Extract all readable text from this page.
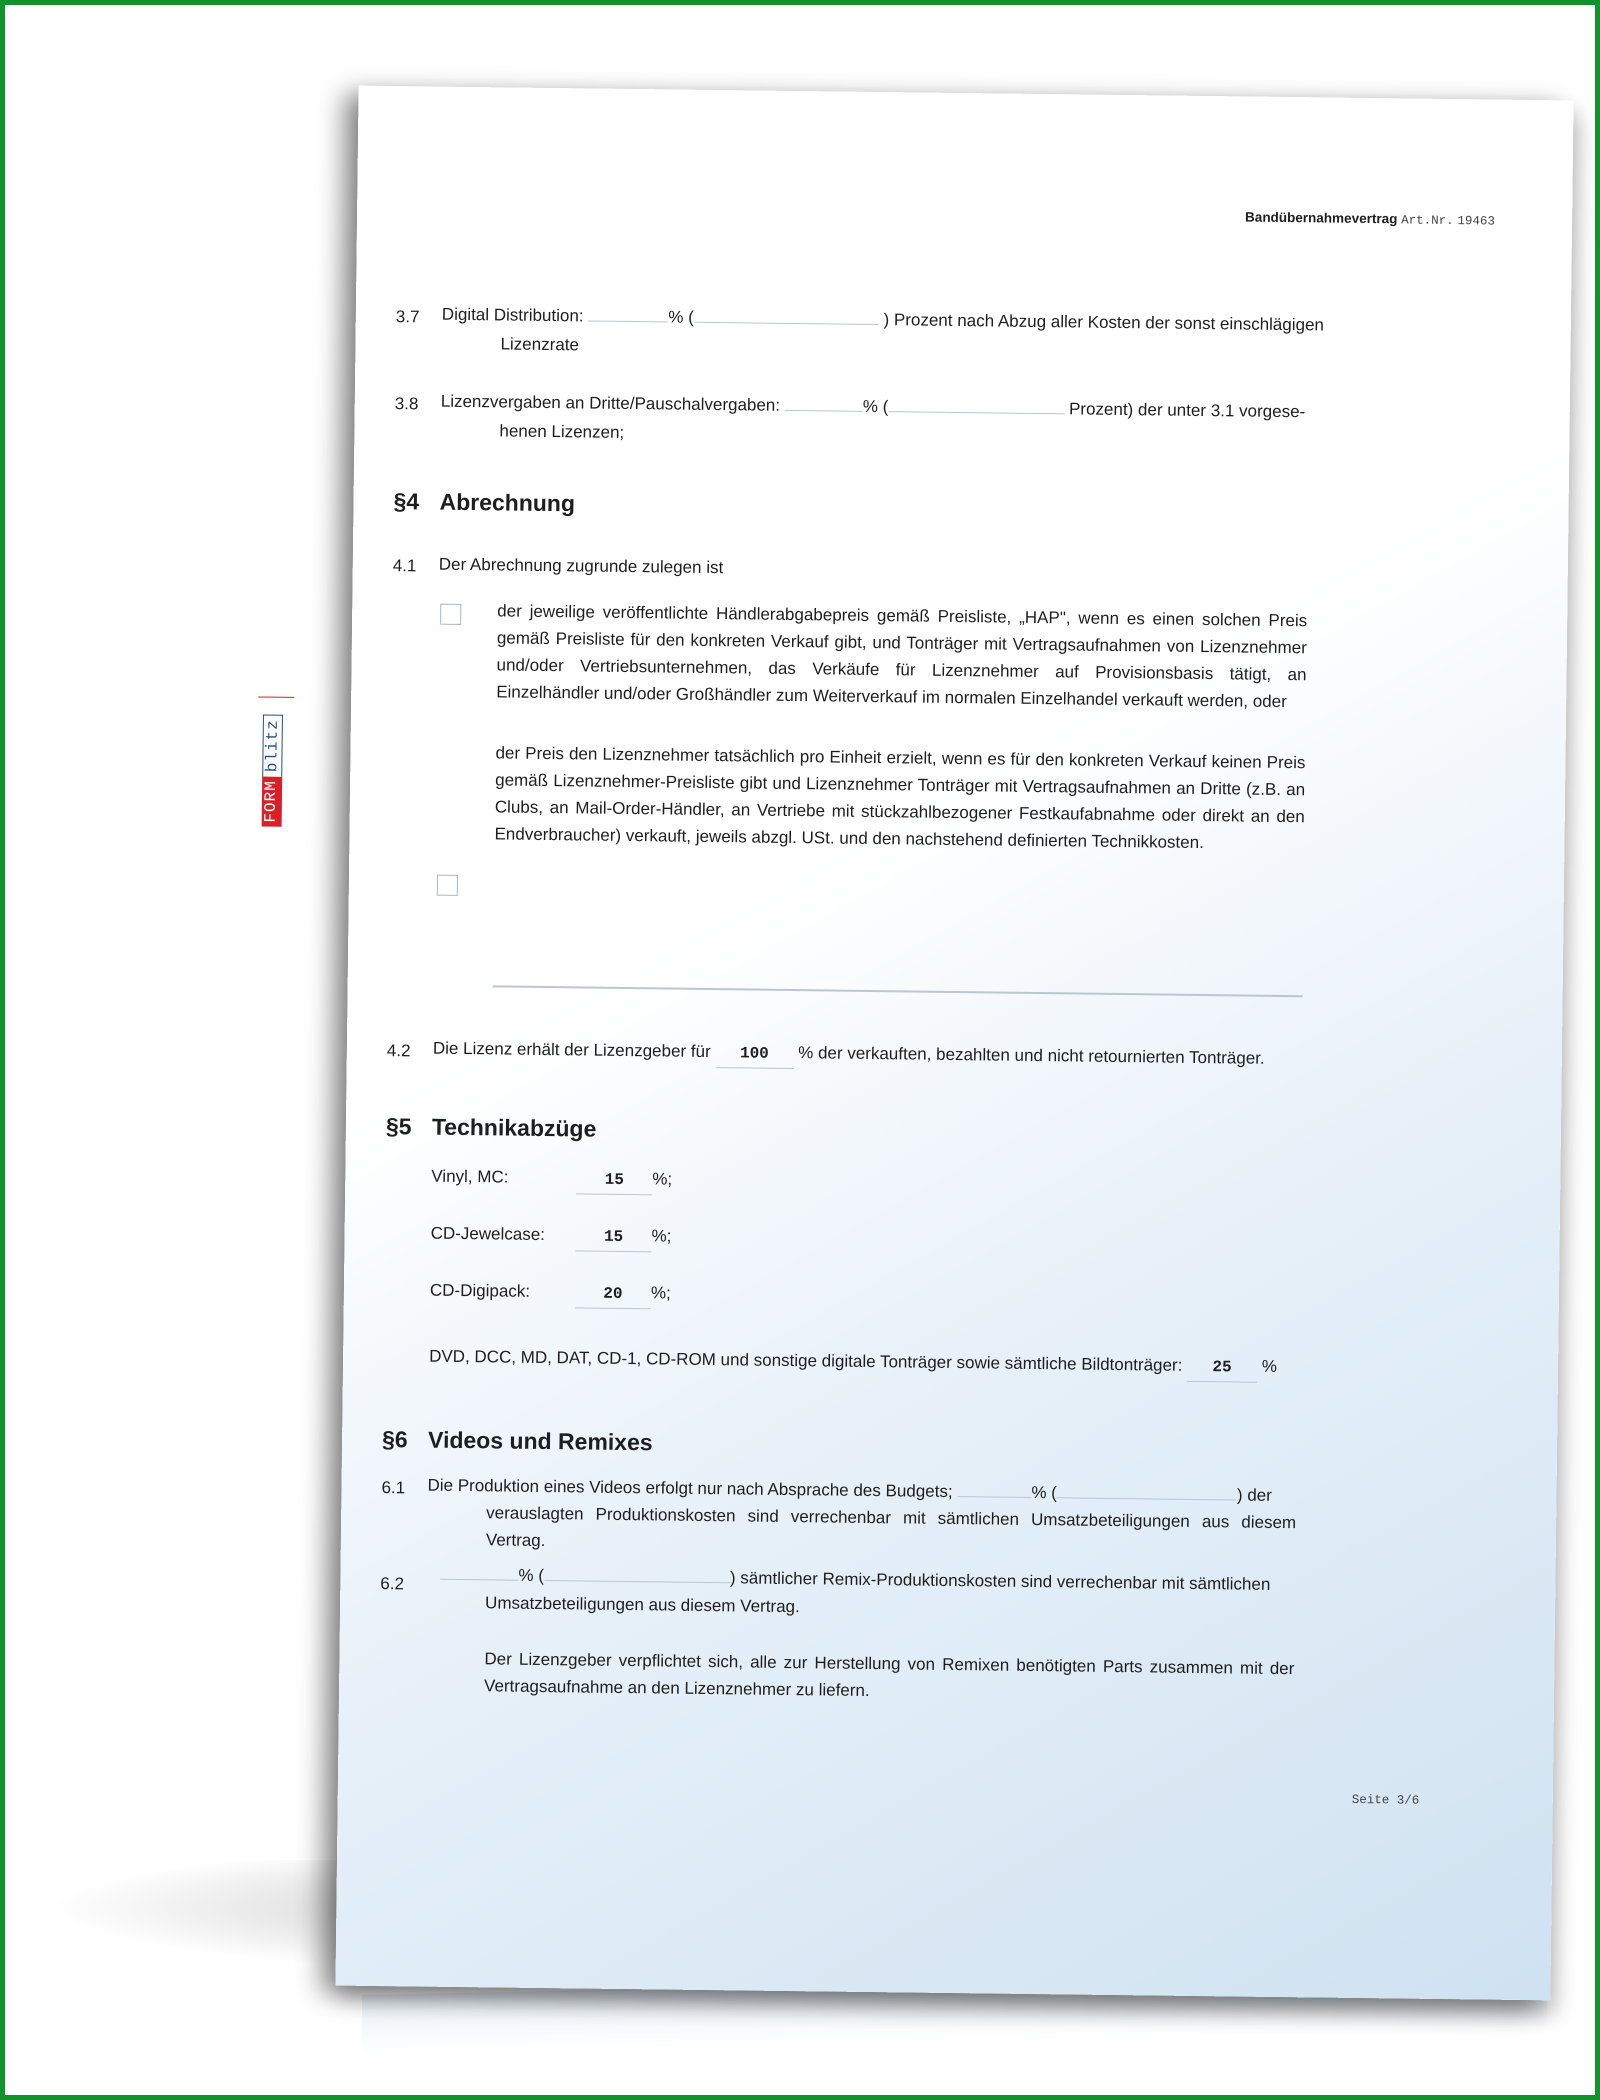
Bandübernahmevertrag Art.Nr. 19463
3.7 Digital Distribution:	% (	) Prozent nach Abzug aller Kosten der sonst einschlägigen
Lizenzrate
3.8 Lizenzvergaben an Dritte/Pauschalvergaben:	% (	Prozent) der unter 3.1 vorgese-
henen Lizenzen;
§4 Abrechnung
4.1 Der Abrechnung zugrunde zulegen ist
der jeweilige veröffentlichte Händlerabgabepreis gemäß Preisliste, „HAP", wenn es einen solchen Preis gemäß Preisliste für den konkreten Verkauf gibt, und Tonträger mit Vertragsaufnahmen von Lizenznehmer und/oder Vertriebsunternehmen, das Verkäufe für Lizenznehmer auf Provisionsbasis tätigt, an Einzelhändler und/oder Großhändler zum Weiterverkauf im normalen Einzelhandel verkauft werden, oder
der Preis den Lizenznehmer tatsächlich pro Einheit erzielt, wenn es für den konkreten Verkauf keinen Preis gemäß Lizenznehmer-Preisliste gibt und Lizenznehmer Tonträger mit Vertragsaufnahmen an Dritte (z.B. an Clubs, an Mail-Order-Händler, an Vertriebe mit stückzahlbezogener Festkaufabnahme oder direkt an den Endverbraucher) verkauft, jeweils abzgl. USt. und den nachstehend definierten Technikkosten.
FORM
blitz
4.2 Die Lizenz erhält der Lizenzgeber für 100 % der verkauften, bezahlten und nicht retournierten Tonträger.
§5 Technikabzüge
Vinyl, MC:	15 %;
CD-Jewelcase:	15 %;
CD-Digipack:	20 %;
DVD, DCC, MD, DAT, CD-1, CD-ROM und sonstige digitale Tonträger sowie sämtliche Bildtonträger: 25 %
§6 Videos und Remixes
6.1 Die Produktion eines Videos erfolgt nur nach Absprache des Budgets;	% (	) der
verauslagten Produktionskosten sind verrechenbar mit sämtlichen Umsatzbeteiligungen aus diesem Vertrag.
6.2	% (	) sämtlicher Remix-Produktionskosten sind verrechenbar mit sämtlichen
Umsatzbeteiligungen aus diesem Vertrag.
Der Lizenzgeber verpflichtet sich, alle zur Herstellung von Remixen benötigten Parts zusammen mit der Vertragsaufnahme an den Lizenznehmer zu liefern.
Seite 3/6
